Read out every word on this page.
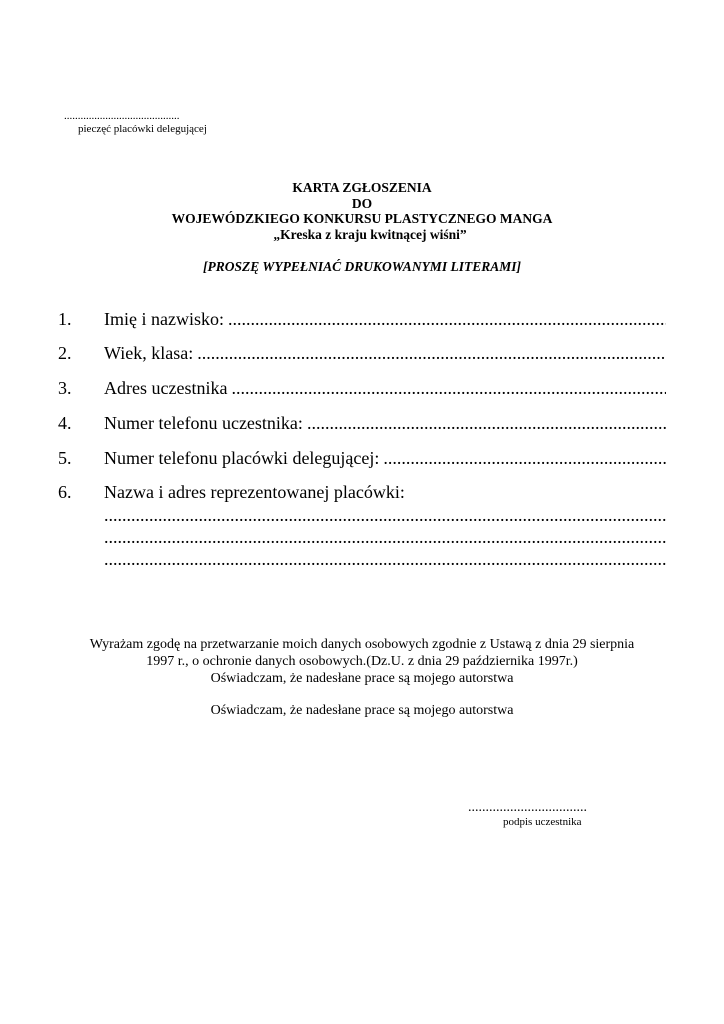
..........................................
pieczęć placówki delegującej
KARTA ZGŁOSZENIA
DO
WOJEWÓDZKIEGO KONKURSU PLASTYCZNEGO MANGA
„Kreska z kraju kwitnącej wiśni”
[PROSZĘ WYPEŁNIAĆ DRUKOWANYMI LITERAMI]
1.	Imię i nazwisko:
.....
2.	Wiek, klasa:
.....
3.	Adres uczestnika
.....
4.	Numer telefonu uczestnika:
.....
5.	Numer telefonu placówki delegującej:
.....
6.	Nazwa i adres reprezentowanej placówki:
.....
.....
.....
Wyrażam zgodę na przetwarzanie moich danych osobowych zgodnie z Ustawą z dnia 29 sierpnia
1997 r., o ochronie danych osobowych.(Dz.U. z dnia 29 października 1997r.)
Oświadczam, że nadesłane prace są mojego autorstwa
Oświadczam, że nadesłane prace są mojego autorstwa
..................................
podpis uczestnika
